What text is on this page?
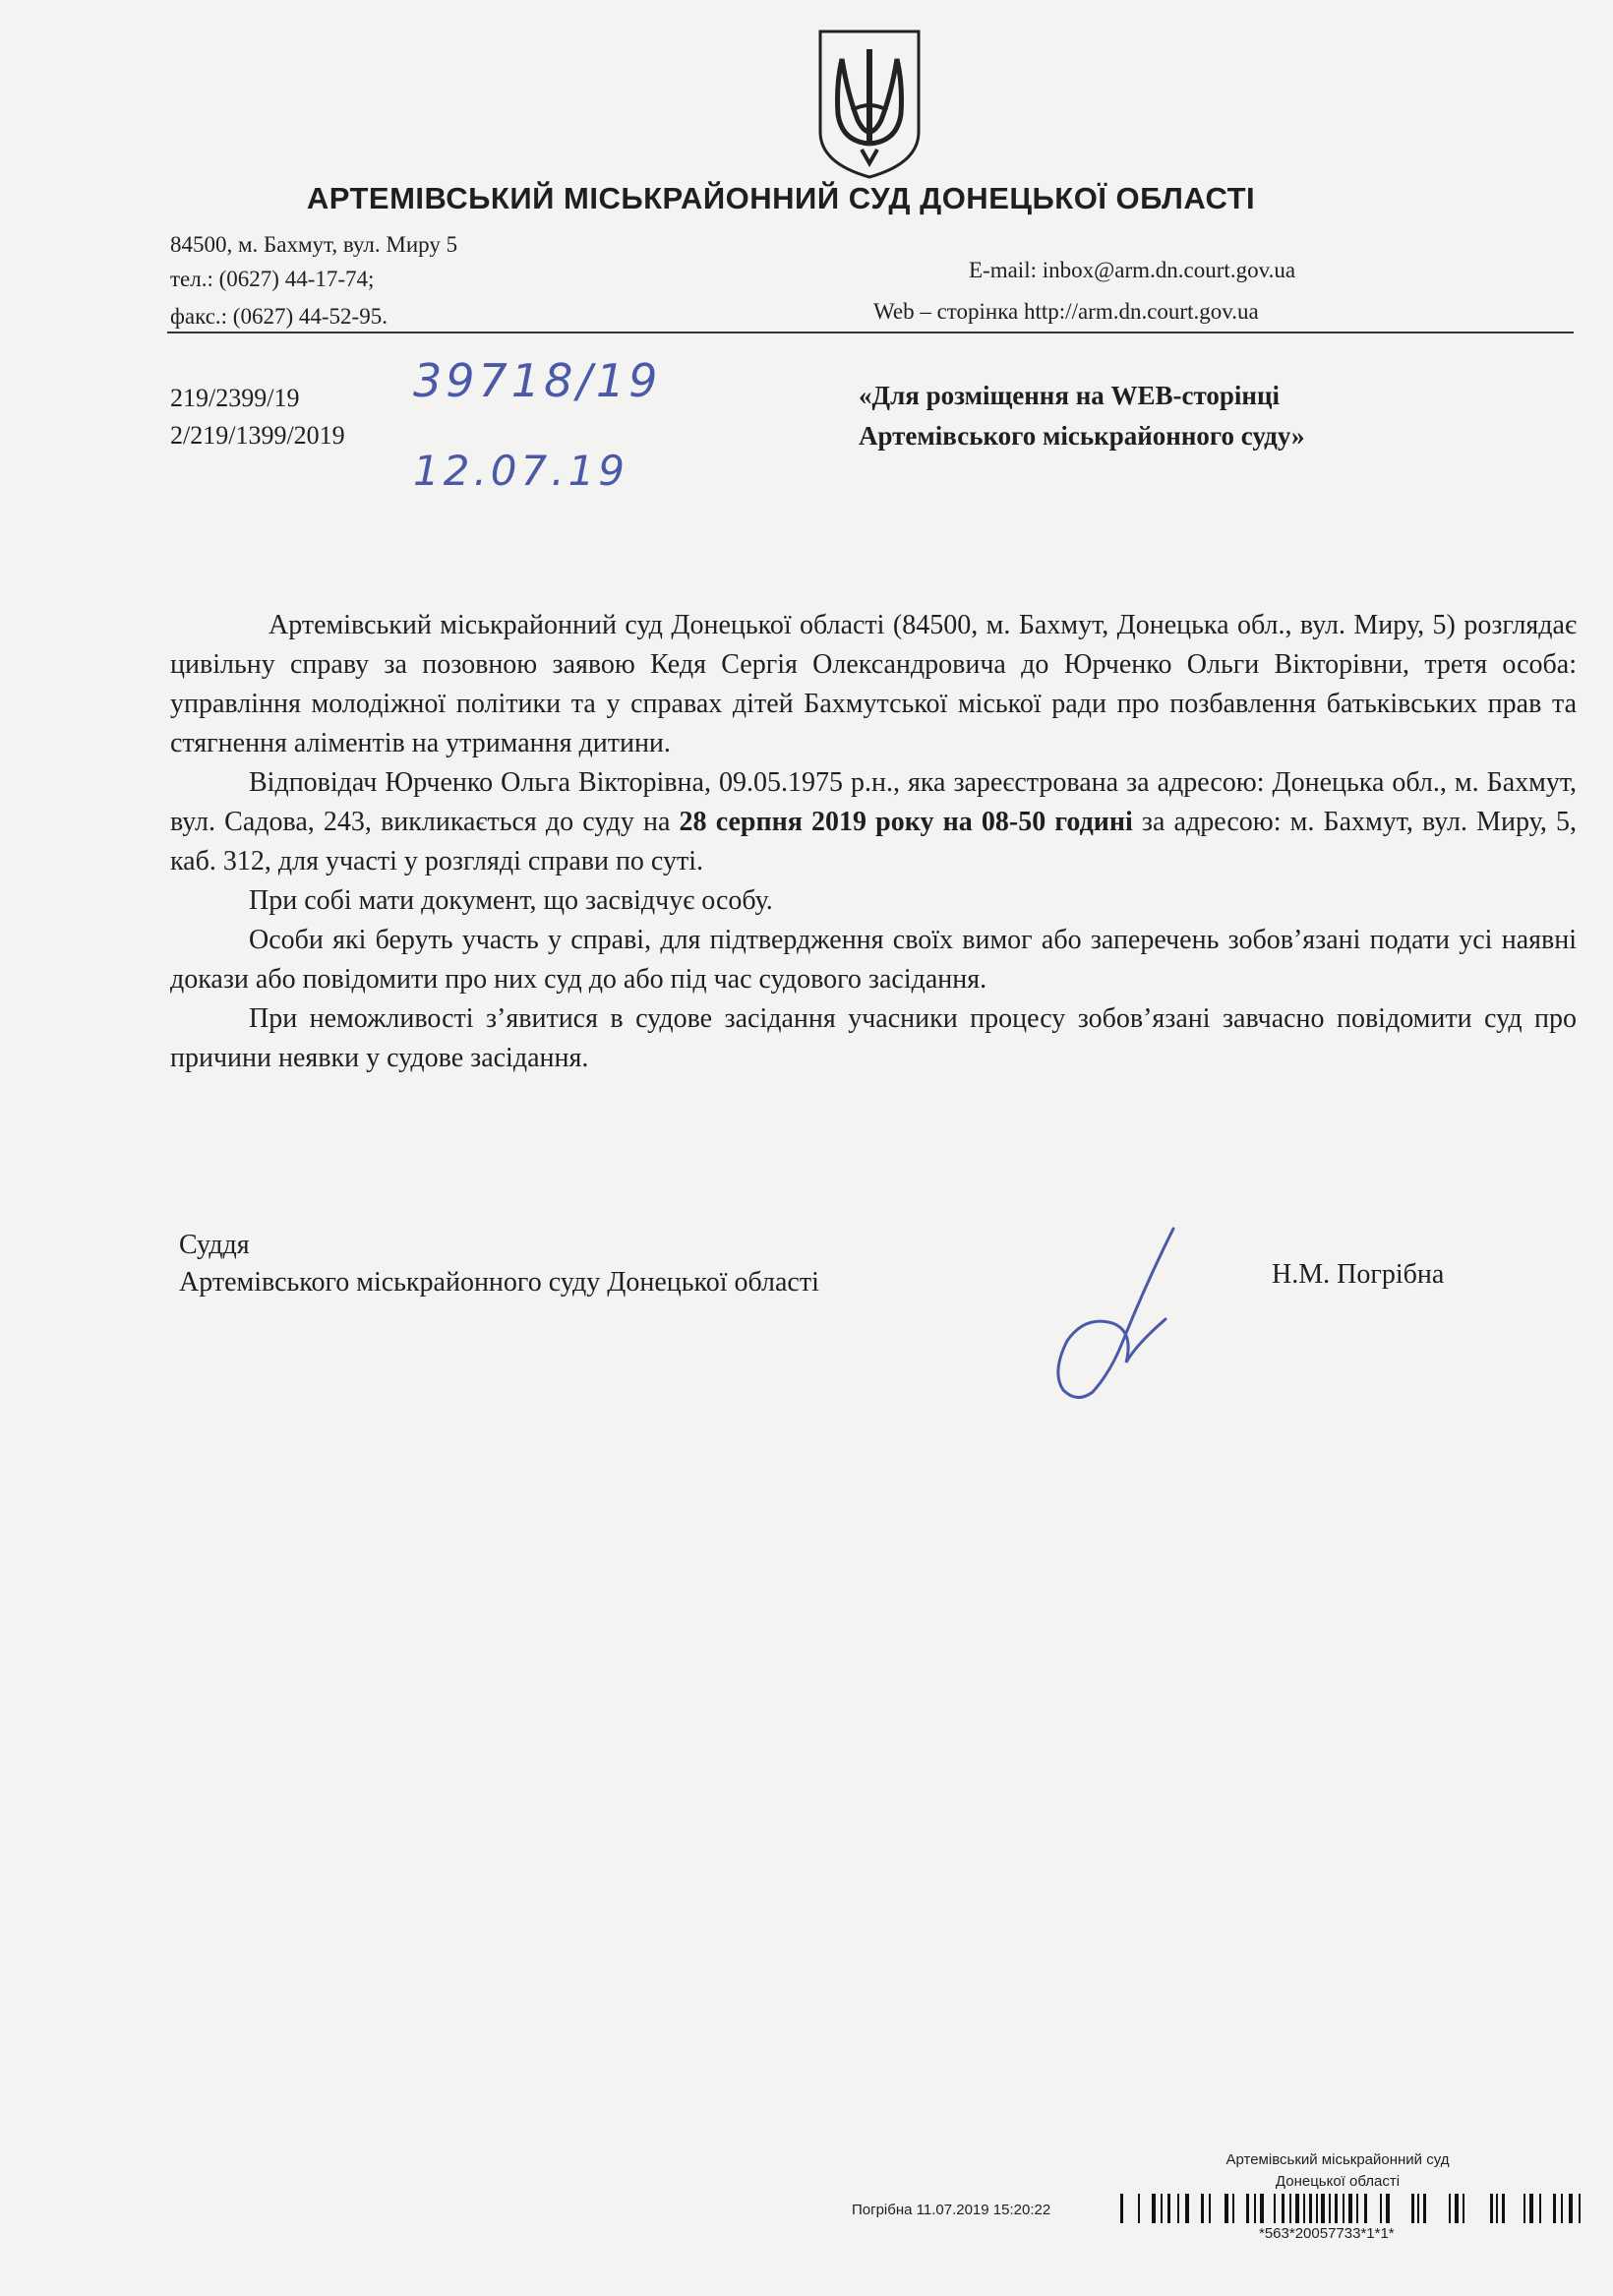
АРТЕМІВСЬКИЙ МІСЬКРАЙОННИЙ СУД ДОНЕЦЬКОЇ ОБЛАСТІ
84500, м. Бахмут, вул. Миру 5
тел.: (0627) 44-17-74;
факс.: (0627) 44-52-95.
E-mail: inbox@arm.dn.court.gov.ua
Web – сторінка http://arm.dn.court.gov.ua
219/2399/19
2/219/1399/2019
39718/19
12.07.19
«Для розміщення на WEB-сторінці
Артемівського міськрайонного суду»

Артемівський міськрайонний суд Донецької області (84500, м. Бахмут, Донецька обл., вул. Миру, 5) розглядає цивільну справу за позовною заявою Кедя Сергія Олександровича до Юрченко Ольги Вікторівни, третя особа: управління молодіжної політики та у справах дітей Бахмутської міської ради про позбавлення батьківських прав та стягнення аліментів на утримання дитини.

Відповідач Юрченко Ольга Вікторівна, 09.05.1975 р.н., яка зареєстрована за адресою: Донецька обл., м. Бахмут, вул. Садова, 243, викликається до суду на 28 серпня 2019 року на 08-50 годині за адресою: м. Бахмут, вул. Миру, 5, каб. 312, для участі у розгляді справи по суті.

При собі мати документ, що засвідчує особу.

Особи які беруть участь у справі, для підтвердження своїх вимог або заперечень зобов’язані подати усі наявні докази або повідомити про них суд до або під час судового засідання.

При неможливості з’явитися в судове засідання учасники процесу зобов’язані завчасно повідомити суд про причини неявки у судове засідання.

Суддя
Артемівського міськрайонного суду Донецької області	Н.М. Погрібна
Артемівський міськрайонний суд
Донецької області
Погрібна 11.07.2019 15:20:22
*563*20057733*1*1*
